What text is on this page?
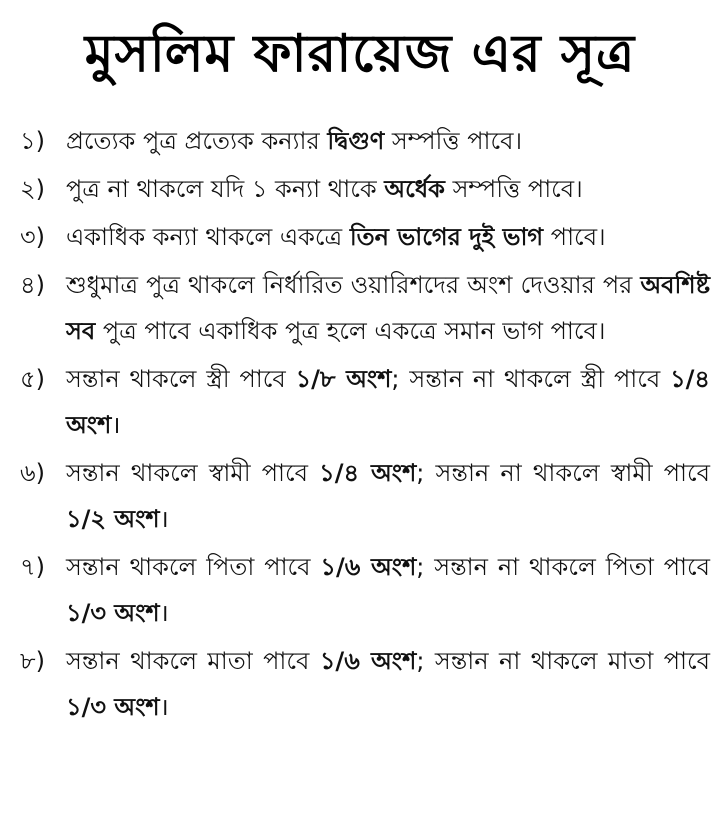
মুসলিম ফারায়েজ এর সূত্র
১) প্রত্যেক পুত্র প্রত্যেক কন্যার দ্বিগুণ সম্পত্তি পাবে।
২) পুত্র না থাকলে যদি ১ কন্যা থাকে অর্ধেক সম্পত্তি পাবে।
৩) একাধিক কন্যা থাকলে একত্রে তিন ভাগের দুই ভাগ পাবে।
৪) শুধুমাত্র পুত্র থাকলে নির্ধারিত ওয়ারিশদের অংশ দেওয়ার পর অবশিষ্ট সব পুত্র পাবে একাধিক পুত্র হলে একত্রে সমান ভাগ পাবে।
৫) সন্তান থাকলে স্ত্রী পাবে ১/৮ অংশ; সন্তান না থাকলে স্ত্রী পাবে ১/৪ অংশ।
৬) সন্তান থাকলে স্বামী পাবে ১/৪ অংশ; সন্তান না থাকলে স্বামী পাবে ১/২ অংশ।
৭) সন্তান থাকলে পিতা পাবে ১/৬ অংশ; সন্তান না থাকলে পিতা পাবে ১/৩ অংশ।
৮) সন্তান থাকলে মাতা পাবে ১/৬ অংশ; সন্তান না থাকলে মাতা পাবে ১/৩ অংশ।
